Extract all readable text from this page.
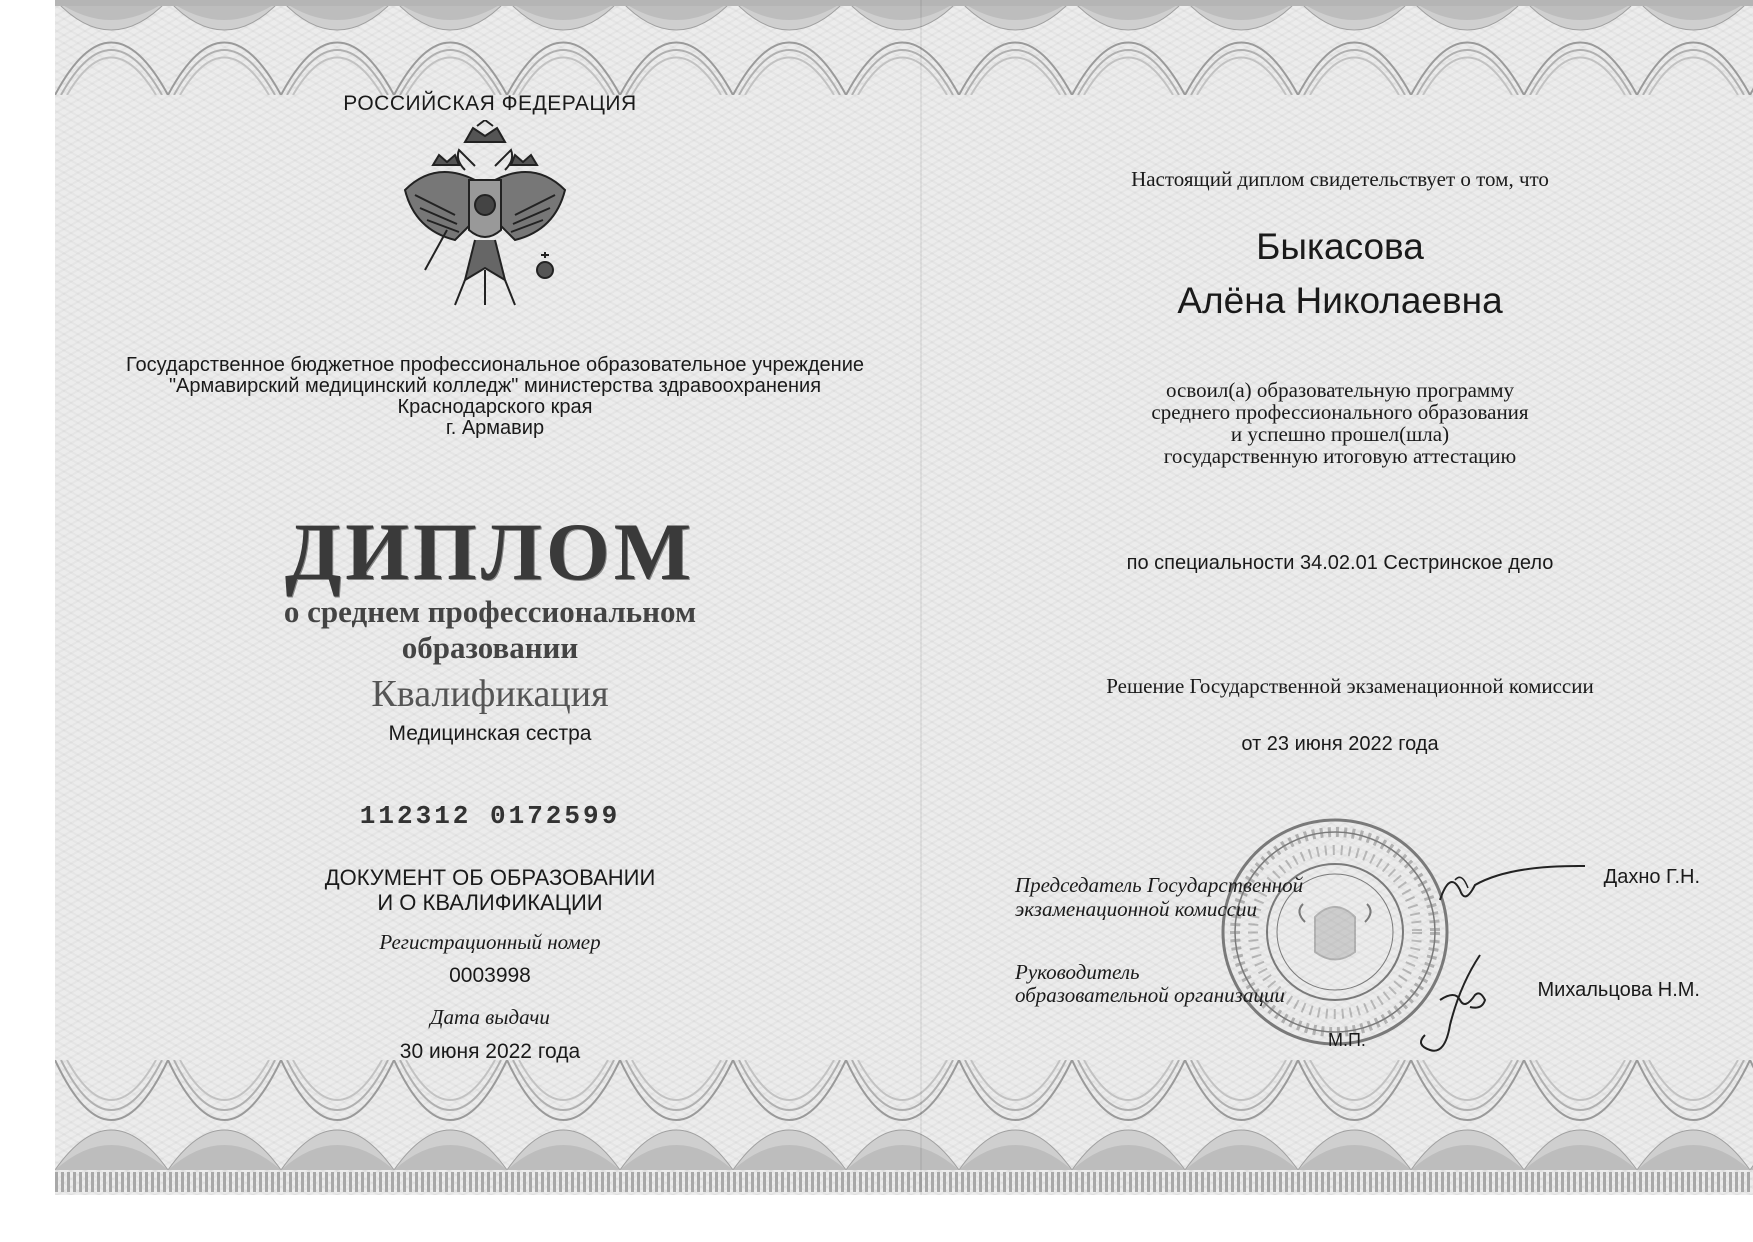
РОССИЙСКАЯ ФЕДЕРАЦИЯ
Государственное бюджетное профессиональное образовательное учреждение
"Армавирский медицинский колледж" министерства здравоохранения
Краснодарского края
г. Армавир
ДИПЛОМ
о среднем профессиональном
образовании
Квалификация
Медицинская сестра
112312 0172599
ДОКУМЕНТ ОБ ОБРАЗОВАНИИ
И О КВАЛИФИКАЦИИ
Регистрационный номер
0003998
Дата выдачи
30 июня 2022 года
Настоящий диплом свидетельствует о том, что
Быкасова
Алёна Николаевна
освоил(а) образовательную программу
среднего профессионального образования
и успешно прошел(шла)
государственную итоговую аттестацию
по специальности 34.02.01 Сестринское дело
Решение Государственной экзаменационной комиссии
от 23 июня 2022 года
Председатель Государственной
экзаменационной комиссии
Дахно Г.Н.
Руководитель
образовательной организации	Михальцова Н.М.
М.П.
